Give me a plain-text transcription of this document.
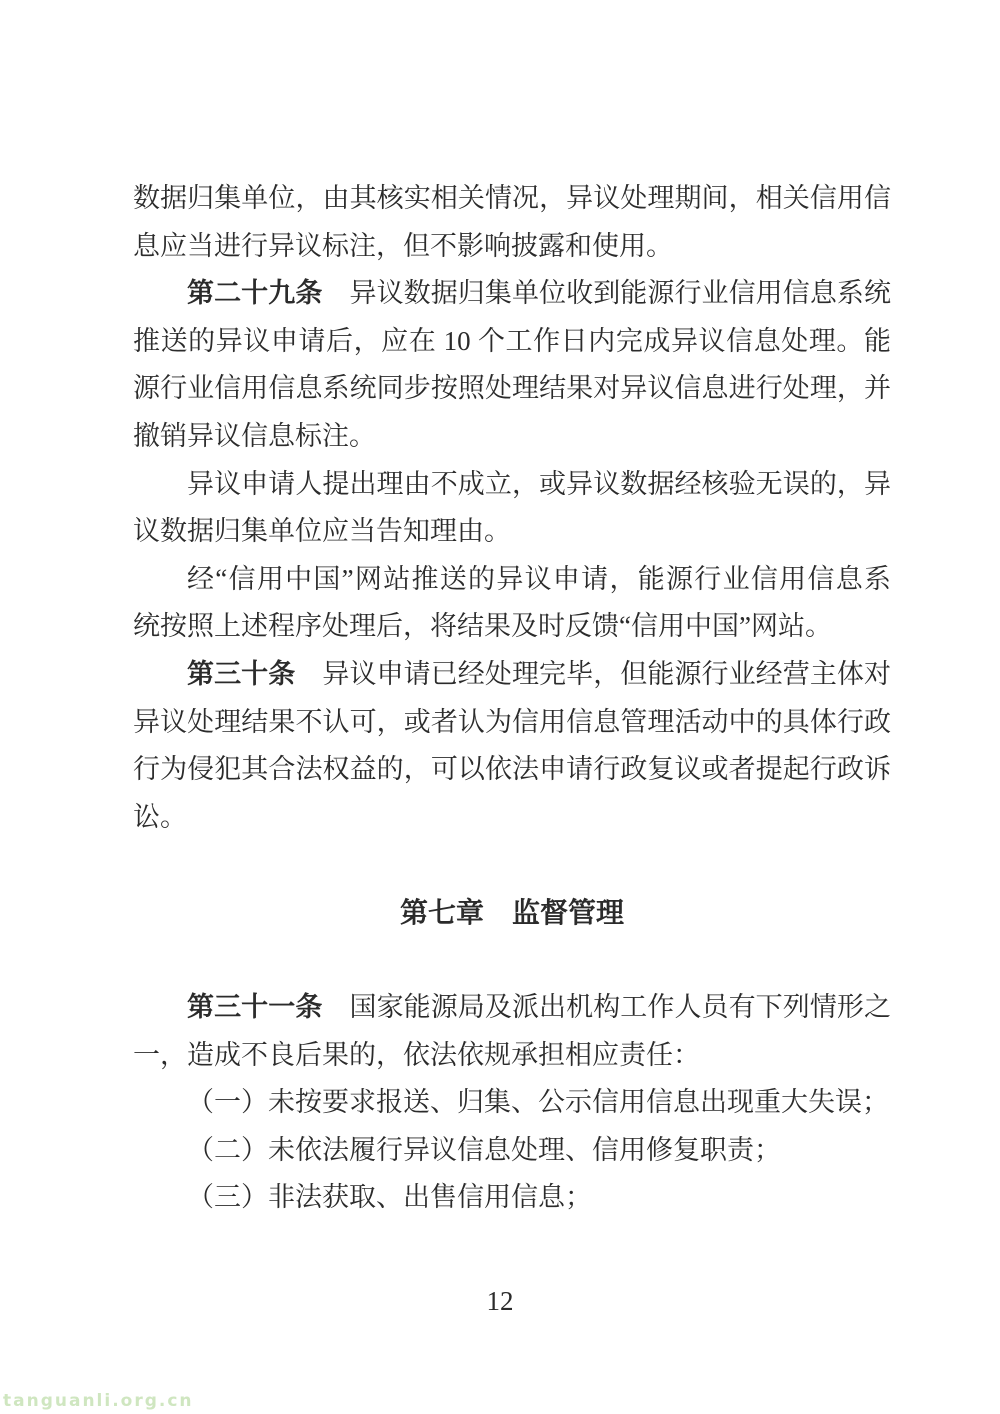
数据归集单位，由其核实相关情况，异议处理期间，相关信用信
息应当进行异议标注，但不影响披露和使用。
第二十九条　异议数据归集单位收到能源行业信用信息系统
推送的异议申请后，应在 10 个工作日内完成异议信息处理。能
源行业信用信息系统同步按照处理结果对异议信息进行处理，并
撤销异议信息标注。
异议申请人提出理由不成立，或异议数据经核验无误的，异
议数据归集单位应当告知理由。
经“信用中国”网站推送的异议申请，能源行业信用信息系
统按照上述程序处理后，将结果及时反馈“信用中国”网站。
第三十条　异议申请已经处理完毕，但能源行业经营主体对
异议处理结果不认可，或者认为信用信息管理活动中的具体行政
行为侵犯其合法权益的，可以依法申请行政复议或者提起行政诉
讼。
第七章　监督管理
第三十一条　国家能源局及派出机构工作人员有下列情形之
一，造成不良后果的，依法依规承担相应责任：
（一）未按要求报送、归集、公示信用信息出现重大失误；
（二）未依法履行异议信息处理、信用修复职责；
（三）非法获取、出售信用信息；
12
tanguanli.org.cn
